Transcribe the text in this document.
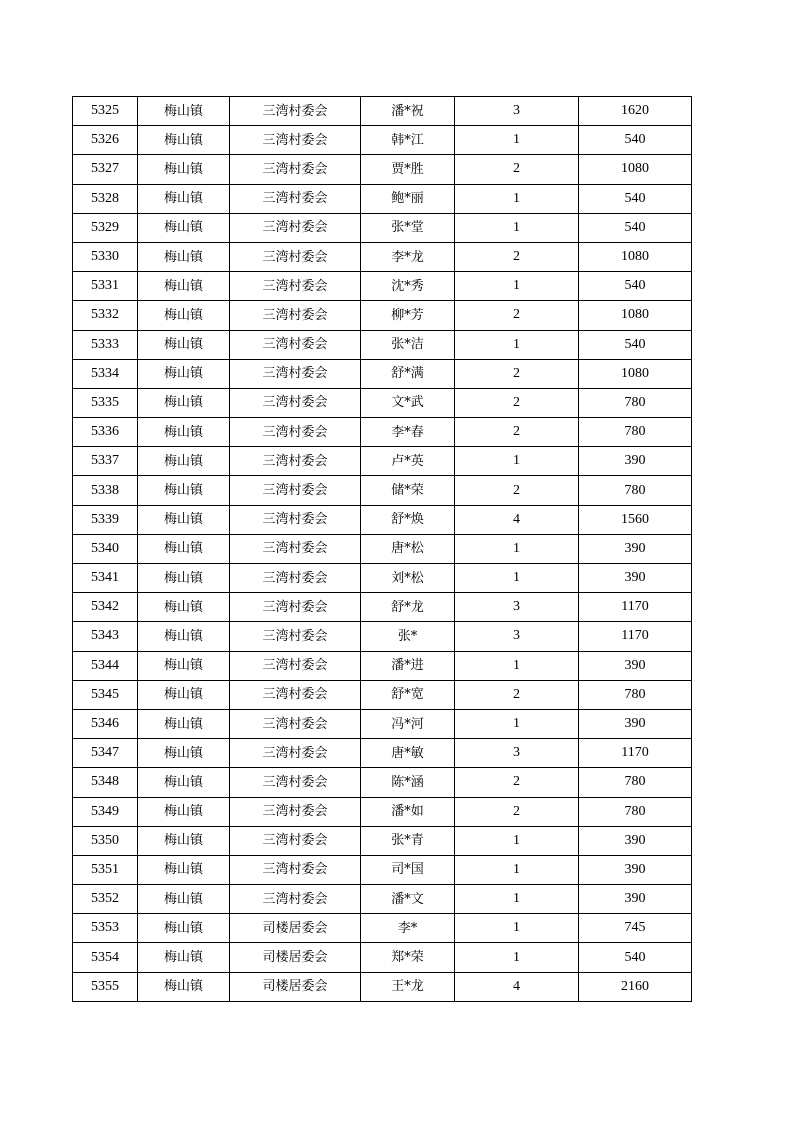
5325	梅山镇	三湾村委会	潘*祝	3	1620
5326	梅山镇	三湾村委会	韩*江	1	540
5327	梅山镇	三湾村委会	贾*胜	2	1080
5328	梅山镇	三湾村委会	鲍*丽	1	540
5329	梅山镇	三湾村委会	张*堂	1	540
5330	梅山镇	三湾村委会	李*龙	2	1080
5331	梅山镇	三湾村委会	沈*秀	1	540
5332	梅山镇	三湾村委会	柳*芳	2	1080
5333	梅山镇	三湾村委会	张*洁	1	540
5334	梅山镇	三湾村委会	舒*满	2	1080
5335	梅山镇	三湾村委会	文*武	2	780
5336	梅山镇	三湾村委会	李*春	2	780
5337	梅山镇	三湾村委会	卢*英	1	390
5338	梅山镇	三湾村委会	储*荣	2	780
5339	梅山镇	三湾村委会	舒*焕	4	1560
5340	梅山镇	三湾村委会	唐*松	1	390
5341	梅山镇	三湾村委会	刘*松	1	390
5342	梅山镇	三湾村委会	舒*龙	3	1170
5343	梅山镇	三湾村委会	张*	3	1170
5344	梅山镇	三湾村委会	潘*进	1	390
5345	梅山镇	三湾村委会	舒*宽	2	780
5346	梅山镇	三湾村委会	冯*河	1	390
5347	梅山镇	三湾村委会	唐*敏	3	1170
5348	梅山镇	三湾村委会	陈*涵	2	780
5349	梅山镇	三湾村委会	潘*如	2	780
5350	梅山镇	三湾村委会	张*青	1	390
5351	梅山镇	三湾村委会	司*国	1	390
5352	梅山镇	三湾村委会	潘*文	1	390
5353	梅山镇	司楼居委会	李*	1	745
5354	梅山镇	司楼居委会	郑*荣	1	540
5355	梅山镇	司楼居委会	王*龙	4	2160
